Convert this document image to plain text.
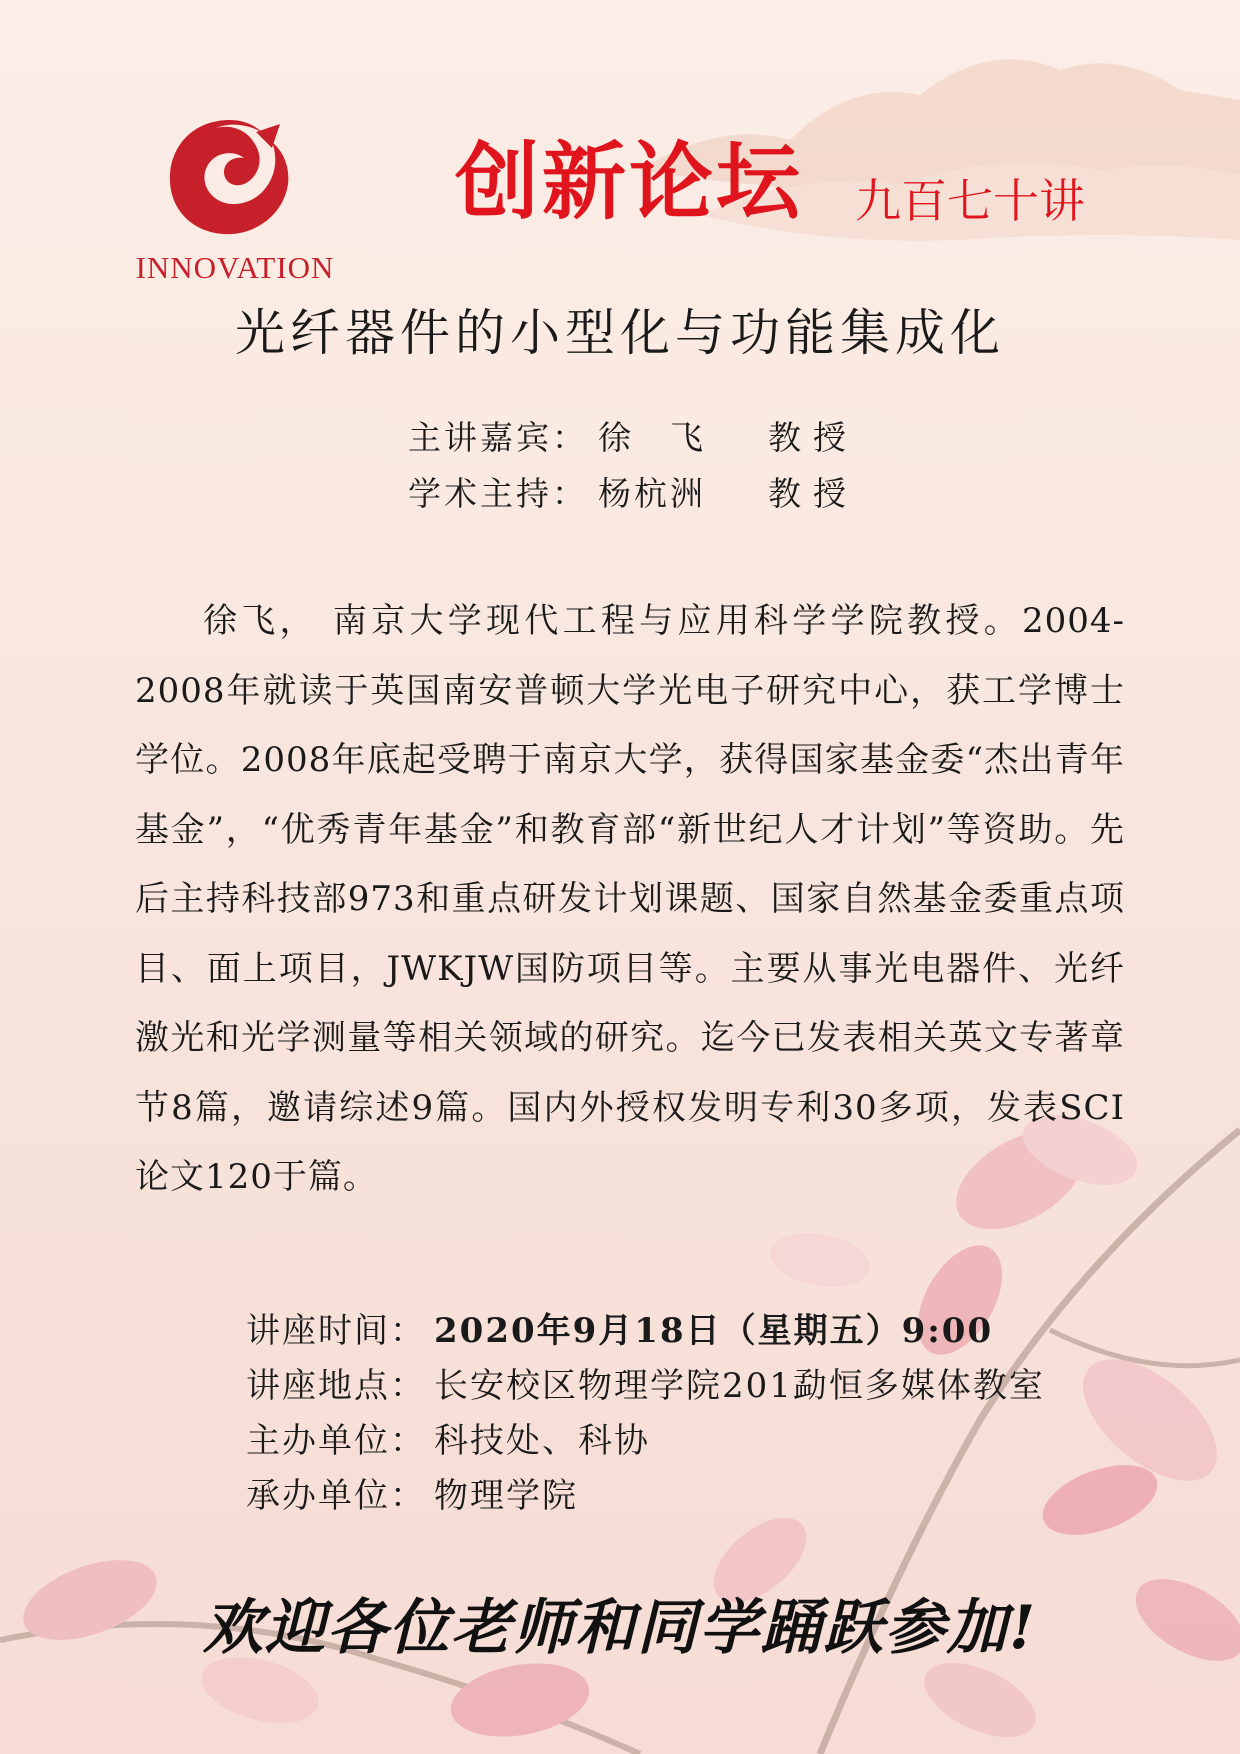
INNOVATION
创新论坛 九百七十讲
光纤器件的小型化与功能集成化
主讲嘉宾： 徐　飞 教授
学术主持： 杨杭洲 教授
徐飞， 南京大学现代工程与应用科学学院教授。2004-2008年就读于英国南安普顿大学光电子研究中心，获工学博士学位。2008年底起受聘于南京大学，获得国家基金委“杰出青年基金”，“优秀青年基金”和教育部“新世纪人才计划”等资助。先后主持科技部973和重点研发计划课题、国家自然基金委重点项目、面上项目，JWKJW国防项目等。主要从事光电器件、光纤激光和光学测量等相关领域的研究。迄今已发表相关英文专著章节8篇，邀请综述9篇。国内外授权发明专利30多项，发表SCI论文120于篇。
讲座时间： 2020年9月18日（星期五）9:00
讲座地点： 长安校区物理学院201勐恒多媒体教室
主办单位： 科技处、科协
承办单位： 物理学院
欢迎各位老师和同学踊跃参加!
